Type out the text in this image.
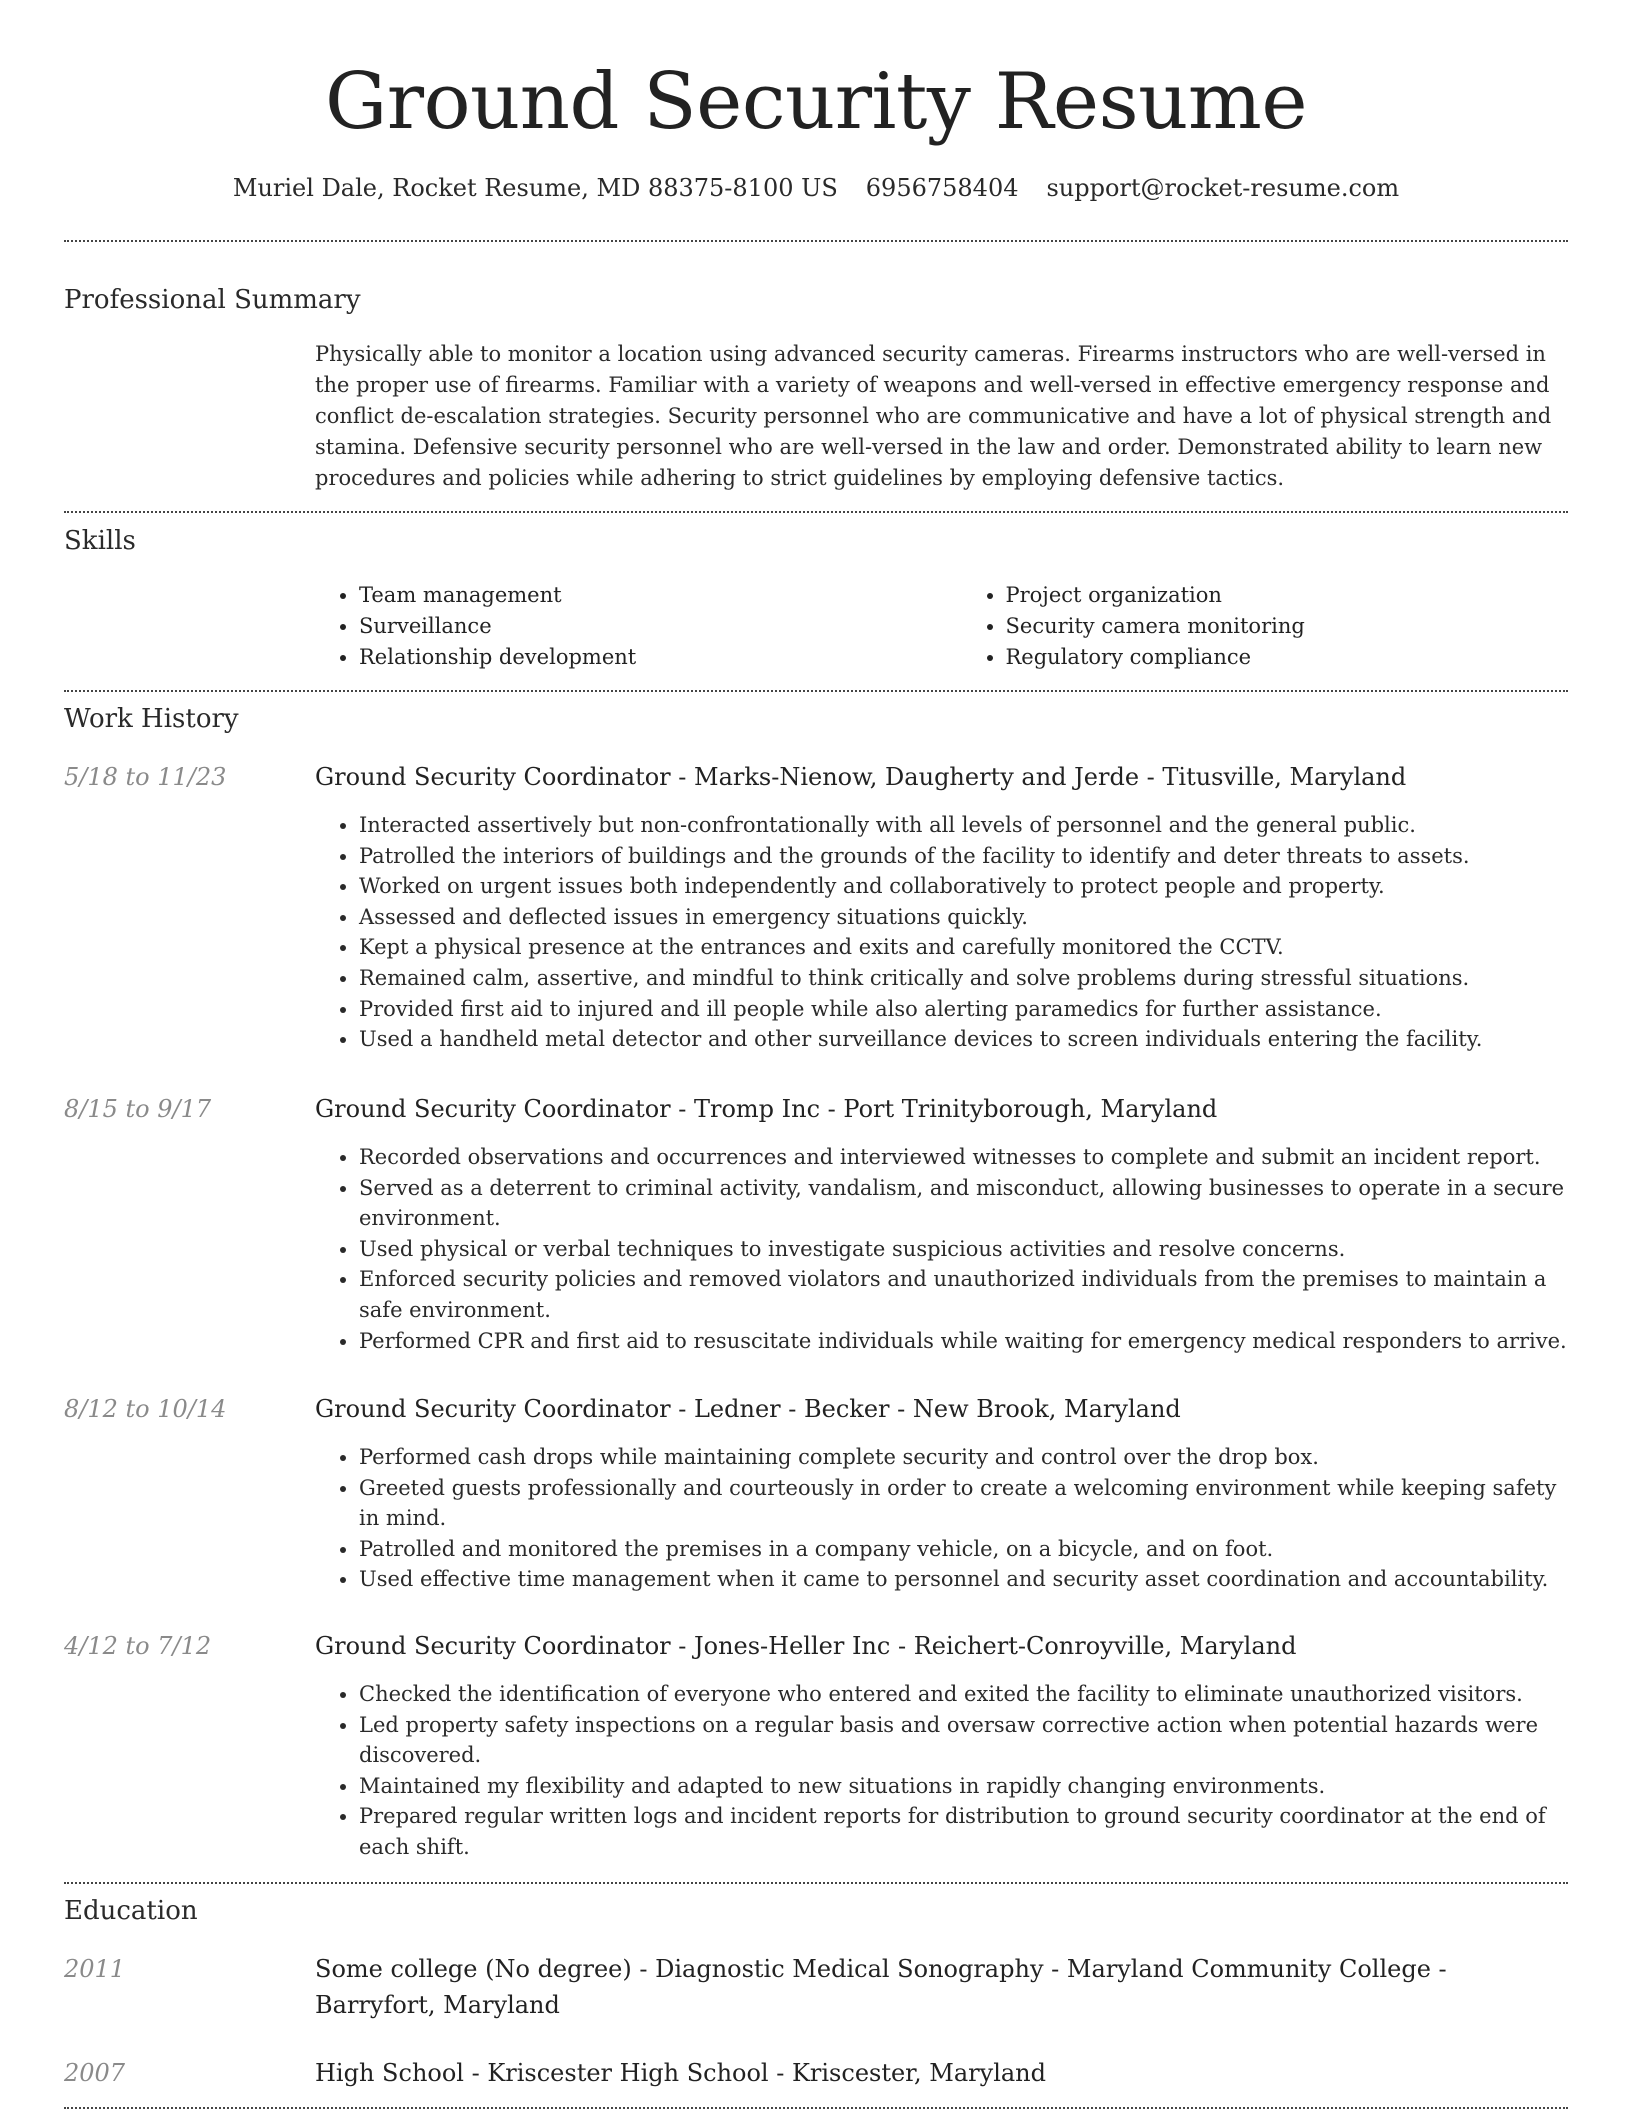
Ground Security Resume
Muriel Dale, Rocket Resume, MD 88375-8100 US 6956758404 support@rocket-resume.com
Professional Summary
Physically able to monitor a location using advanced security cameras. Firearms instructors who are well-versed in the proper use of firearms. Familiar with a variety of weapons and well-versed in effective emergency response and conflict de-escalation strategies. Security personnel who are communicative and have a lot of physical strength and stamina. Defensive security personnel who are well-versed in the law and order. Demonstrated ability to learn new procedures and policies while adhering to strict guidelines by employing defensive tactics.
Skills
• Team management
• Surveillance
• Relationship development
• Project organization
• Security camera monitoring
• Regulatory compliance
Work History
5/18 to 11/23	Ground Security Coordinator - Marks-Nienow, Daugherty and Jerde - Titusville, Maryland
• Interacted assertively but non-confrontationally with all levels of personnel and the general public.
• Patrolled the interiors of buildings and the grounds of the facility to identify and deter threats to assets.
• Worked on urgent issues both independently and collaboratively to protect people and property.
• Assessed and deflected issues in emergency situations quickly.
• Kept a physical presence at the entrances and exits and carefully monitored the CCTV.
• Remained calm, assertive, and mindful to think critically and solve problems during stressful situations.
• Provided first aid to injured and ill people while also alerting paramedics for further assistance.
• Used a handheld metal detector and other surveillance devices to screen individuals entering the facility.
8/15 to 9/17	Ground Security Coordinator - Tromp Inc - Port Trinityborough, Maryland
• Recorded observations and occurrences and interviewed witnesses to complete and submit an incident report.
• Served as a deterrent to criminal activity, vandalism, and misconduct, allowing businesses to operate in a secure environment.
• Used physical or verbal techniques to investigate suspicious activities and resolve concerns.
• Enforced security policies and removed violators and unauthorized individuals from the premises to maintain a safe environment.
• Performed CPR and first aid to resuscitate individuals while waiting for emergency medical responders to arrive.
8/12 to 10/14	Ground Security Coordinator - Ledner - Becker - New Brook, Maryland
• Performed cash drops while maintaining complete security and control over the drop box.
• Greeted guests professionally and courteously in order to create a welcoming environment while keeping safety in mind.
• Patrolled and monitored the premises in a company vehicle, on a bicycle, and on foot.
• Used effective time management when it came to personnel and security asset coordination and accountability.
4/12 to 7/12	Ground Security Coordinator - Jones-Heller Inc - Reichert-Conroyville, Maryland
• Checked the identification of everyone who entered and exited the facility to eliminate unauthorized visitors.
• Led property safety inspections on a regular basis and oversaw corrective action when potential hazards were discovered.
• Maintained my flexibility and adapted to new situations in rapidly changing environments.
• Prepared regular written logs and incident reports for distribution to ground security coordinator at the end of each shift.
Education
2011	Some college (No degree) - Diagnostic Medical Sonography - Maryland Community College - Barryfort, Maryland
2007	High School - Kriscester High School - Kriscester, Maryland
